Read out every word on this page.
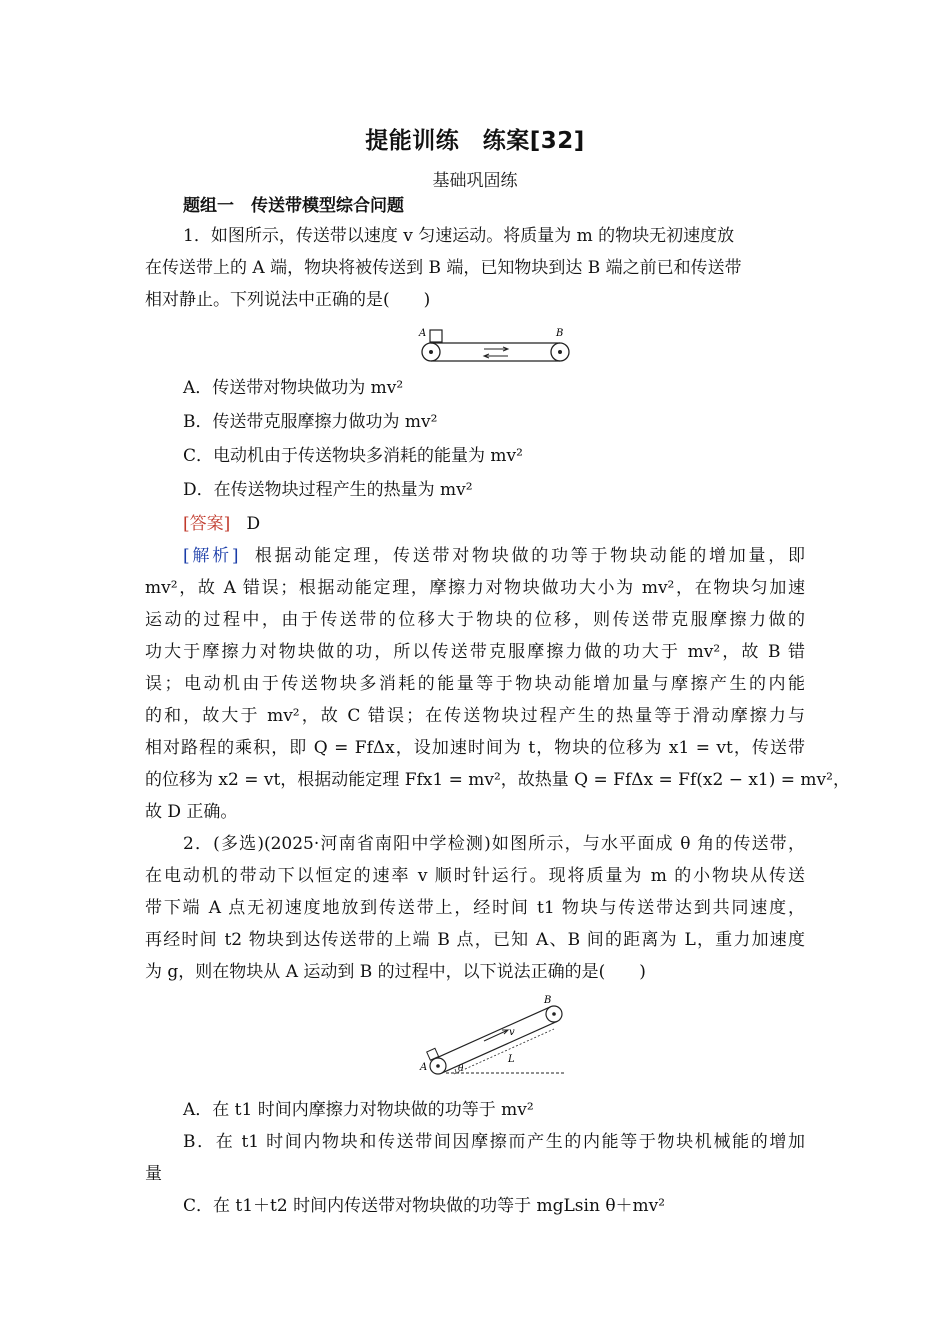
提能训练　练案[32]
基础巩固练
题组一　传送带模型综合问题
1．如图所示，传送带以速度 v 匀速运动。将质量为 m 的物块无初速度放
在传送带上的 A 端，物块将被传送到 B 端，已知物块到达 B 端之前已和传送带
相对静止。下列说法中正确的是(　　)
A	B
A．传送带对物块做功为 mv²
B．传送带克服摩擦力做功为 mv²
C．电动机由于传送物块多消耗的能量为 mv²
D．在传送物块过程产生的热量为 mv²
[答案] D
[解析] 根据动能定理，传送带对物块做的功等于物块动能的增加量，即
mv²，故 A 错误；根据动能定理，摩擦力对物块做功大小为 mv²，在物块匀加速
运动的过程中，由于传送带的位移大于物块的位移，则传送带克服摩擦力做的
功大于摩擦力对物块做的功，所以传送带克服摩擦力做的功大于 mv²，故 B 错
误；电动机由于传送物块多消耗的能量等于物块动能增加量与摩擦产生的内能
的和，故大于 mv²，故 C 错误；在传送物块过程产生的热量等于滑动摩擦力与
相对路程的乘积，即 Q = FfΔx，设加速时间为 t，物块的位移为 x1 = vt，传送带
的位移为 x2 = vt，根据动能定理 Ffx1 = mv²，故热量 Q = FfΔx = Ff(x2 − x1) = mv²，
故 D 正确。
2．(多选)(2025·河南省南阳中学检测)如图所示，与水平面成 θ 角的传送带，
在电动机的带动下以恒定的速率 v 顺时针运行。现将质量为 m 的小物块从传送
带下端 A 点无初速度地放到传送带上，经时间 t1 物块与传送带达到共同速度，
再经时间 t2 物块到达传送带的上端 B 点，已知 A、B 间的距离为 L，重力加速度
为 g，则在物块从 A 运动到 B 的过程中，以下说法正确的是(　　)
B
A
v
L
θ
A．在 t1 时间内摩擦力对物块做的功等于 mv²
B．在 t1 时间内物块和传送带间因摩擦而产生的内能等于物块机械能的增加
量
C．在 t1＋t2 时间内传送带对物块做的功等于 mgLsin θ＋mv²
